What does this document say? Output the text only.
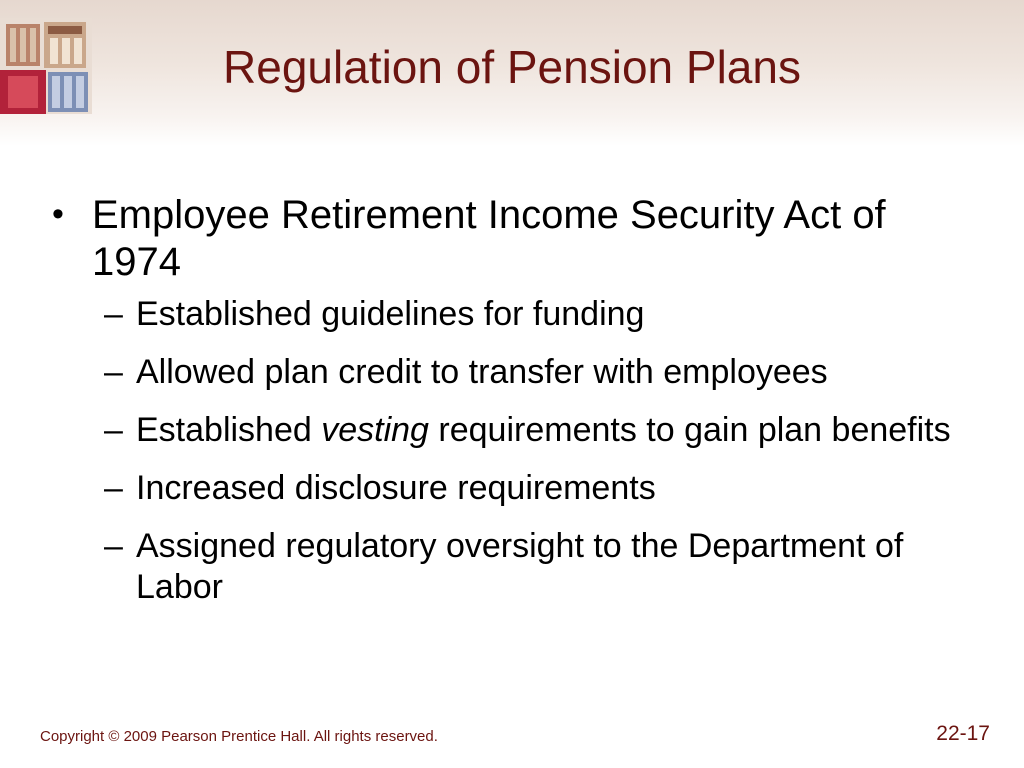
Regulation of Pension Plans
• Employee Retirement Income Security Act of 1974
– Established guidelines for funding
– Allowed plan credit to transfer with employees
– Established vesting requirements to gain plan benefits
– Increased disclosure requirements
– Assigned regulatory oversight to the Department of Labor
Copyright © 2009 Pearson Prentice Hall. All rights reserved.	22-17
